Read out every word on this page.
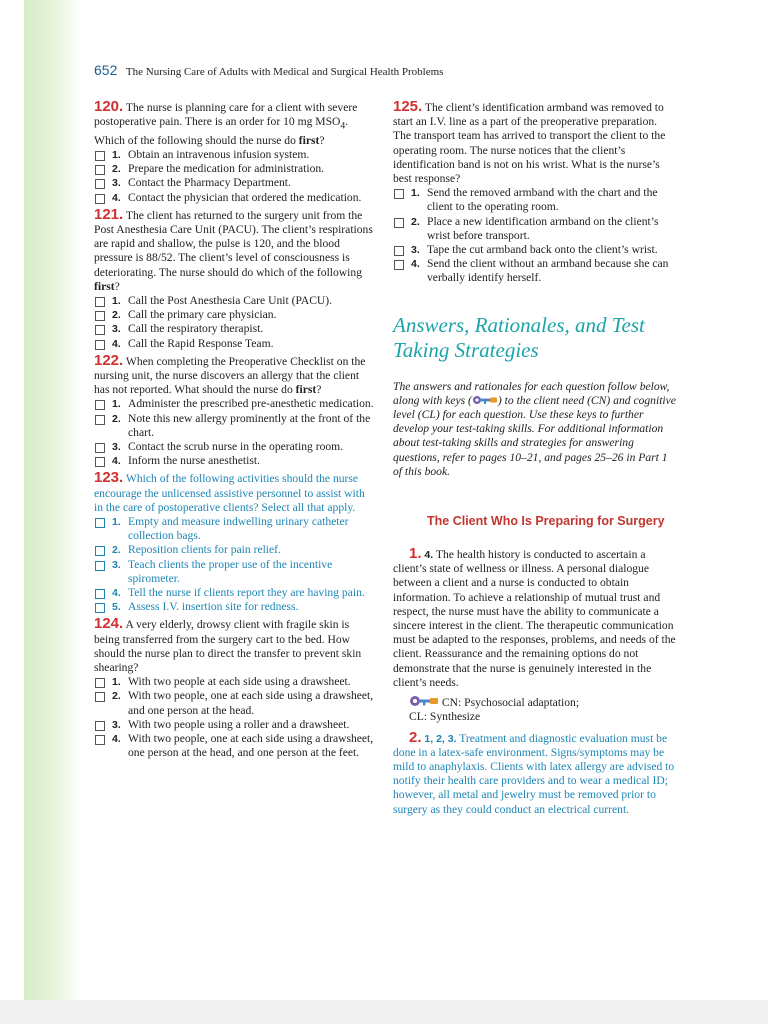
652 The Nursing Care of Adults with Medical and Surgical Health Problems
120. The nurse is planning care for a client with severe postoperative pain. There is an order for 10 mg $MSO_4$. Which of the following should the nurse do first?
1. Obtain an intravenous infusion system.
2. Prepare the medication for administration.
3. Contact the Pharmacy Department.
4. Contact the physician that ordered the medication.
121. The client has returned to the surgery unit from the Post Anesthesia Care Unit (PACU). The client’s respirations are rapid and shallow, the pulse is 120, and the blood pressure is 88/52. The client’s level of consciousness is deteriorating. The nurse should do which of the following first?
1. Call the Post Anesthesia Care Unit (PACU).
2. Call the primary care physician.
3. Call the respiratory therapist.
4. Call the Rapid Response Team.
122. When completing the Preoperative Checklist on the nursing unit, the nurse discovers an allergy that the client has not reported. What should the nurse do first?
1. Administer the prescribed pre-anesthetic medication.
2. Note this new allergy prominently at the front of the chart.
3. Contact the scrub nurse in the operating room.
4. Inform the nurse anesthetist.
123. Which of the following activities should the nurse encourage the unlicensed assistive personnel to assist with in the care of postoperative clients? Select all that apply.
1. Empty and measure indwelling urinary catheter collection bags.
2. Reposition clients for pain relief.
3. Teach clients the proper use of the incentive spirometer.
4. Tell the nurse if clients report they are having pain.
5. Assess I.V. insertion site for redness.
124. A very elderly, drowsy client with fragile skin is being transferred from the surgery cart to the bed. How should the nurse plan to direct the transfer to prevent skin shearing?
1. With two people at each side using a drawsheet.
2. With two people, one at each side using a drawsheet, and one person at the head.
3. With two people using a roller and a drawsheet.
4. With two people, one at each side using a drawsheet, one person at the head, and one person at the feet.
125. The client’s identification armband was removed to start an I.V. line as a part of the preoperative preparation. The transport team has arrived to transport the client to the operating room. The nurse notices that the client’s identification band is not on his wrist. What is the nurse’s best response?
1. Send the removed armband with the chart and the client to the operating room.
2. Place a new identification armband on the client’s wrist before transport.
3. Tape the cut armband back onto the client’s wrist.
4. Send the client without an armband because she can verbally identify herself.
Answers, Rationales, and Test Taking Strategies
The answers and rationales for each question follow below, along with keys ( ) to the client need (CN) and cognitive level (CL) for each question. Use these keys to further develop your test-taking skills. For additional information about test-taking skills and strategies for answering questions, refer to pages 10–21, and pages 25–26 in Part 1 of this book.
The Client Who Is Preparing for Surgery
1. 4. The health history is conducted to ascertain a client’s state of wellness or illness. A personal dialogue between a client and a nurse is conducted to obtain information. To achieve a relationship of mutual trust and respect, the nurse must have the ability to communicate a sincere interest in the client. The therapeutic communication must be adapted to the responses, problems, and needs of the client. Reassurance and the remaining options do not demonstrate that the nurse is genuinely interested in the client’s needs.
CN: Psychosocial adaptation;
CL: Synthesize
2. 1, 2, 3. Treatment and diagnostic evaluation must be done in a latex-safe environment. Signs/symptoms may be mild to anaphylaxis. Clients with latex allergy are advised to notify their health care providers and to wear a medical ID; however, all metal and jewelry must be removed prior to surgery as they could conduct an electrical current.
